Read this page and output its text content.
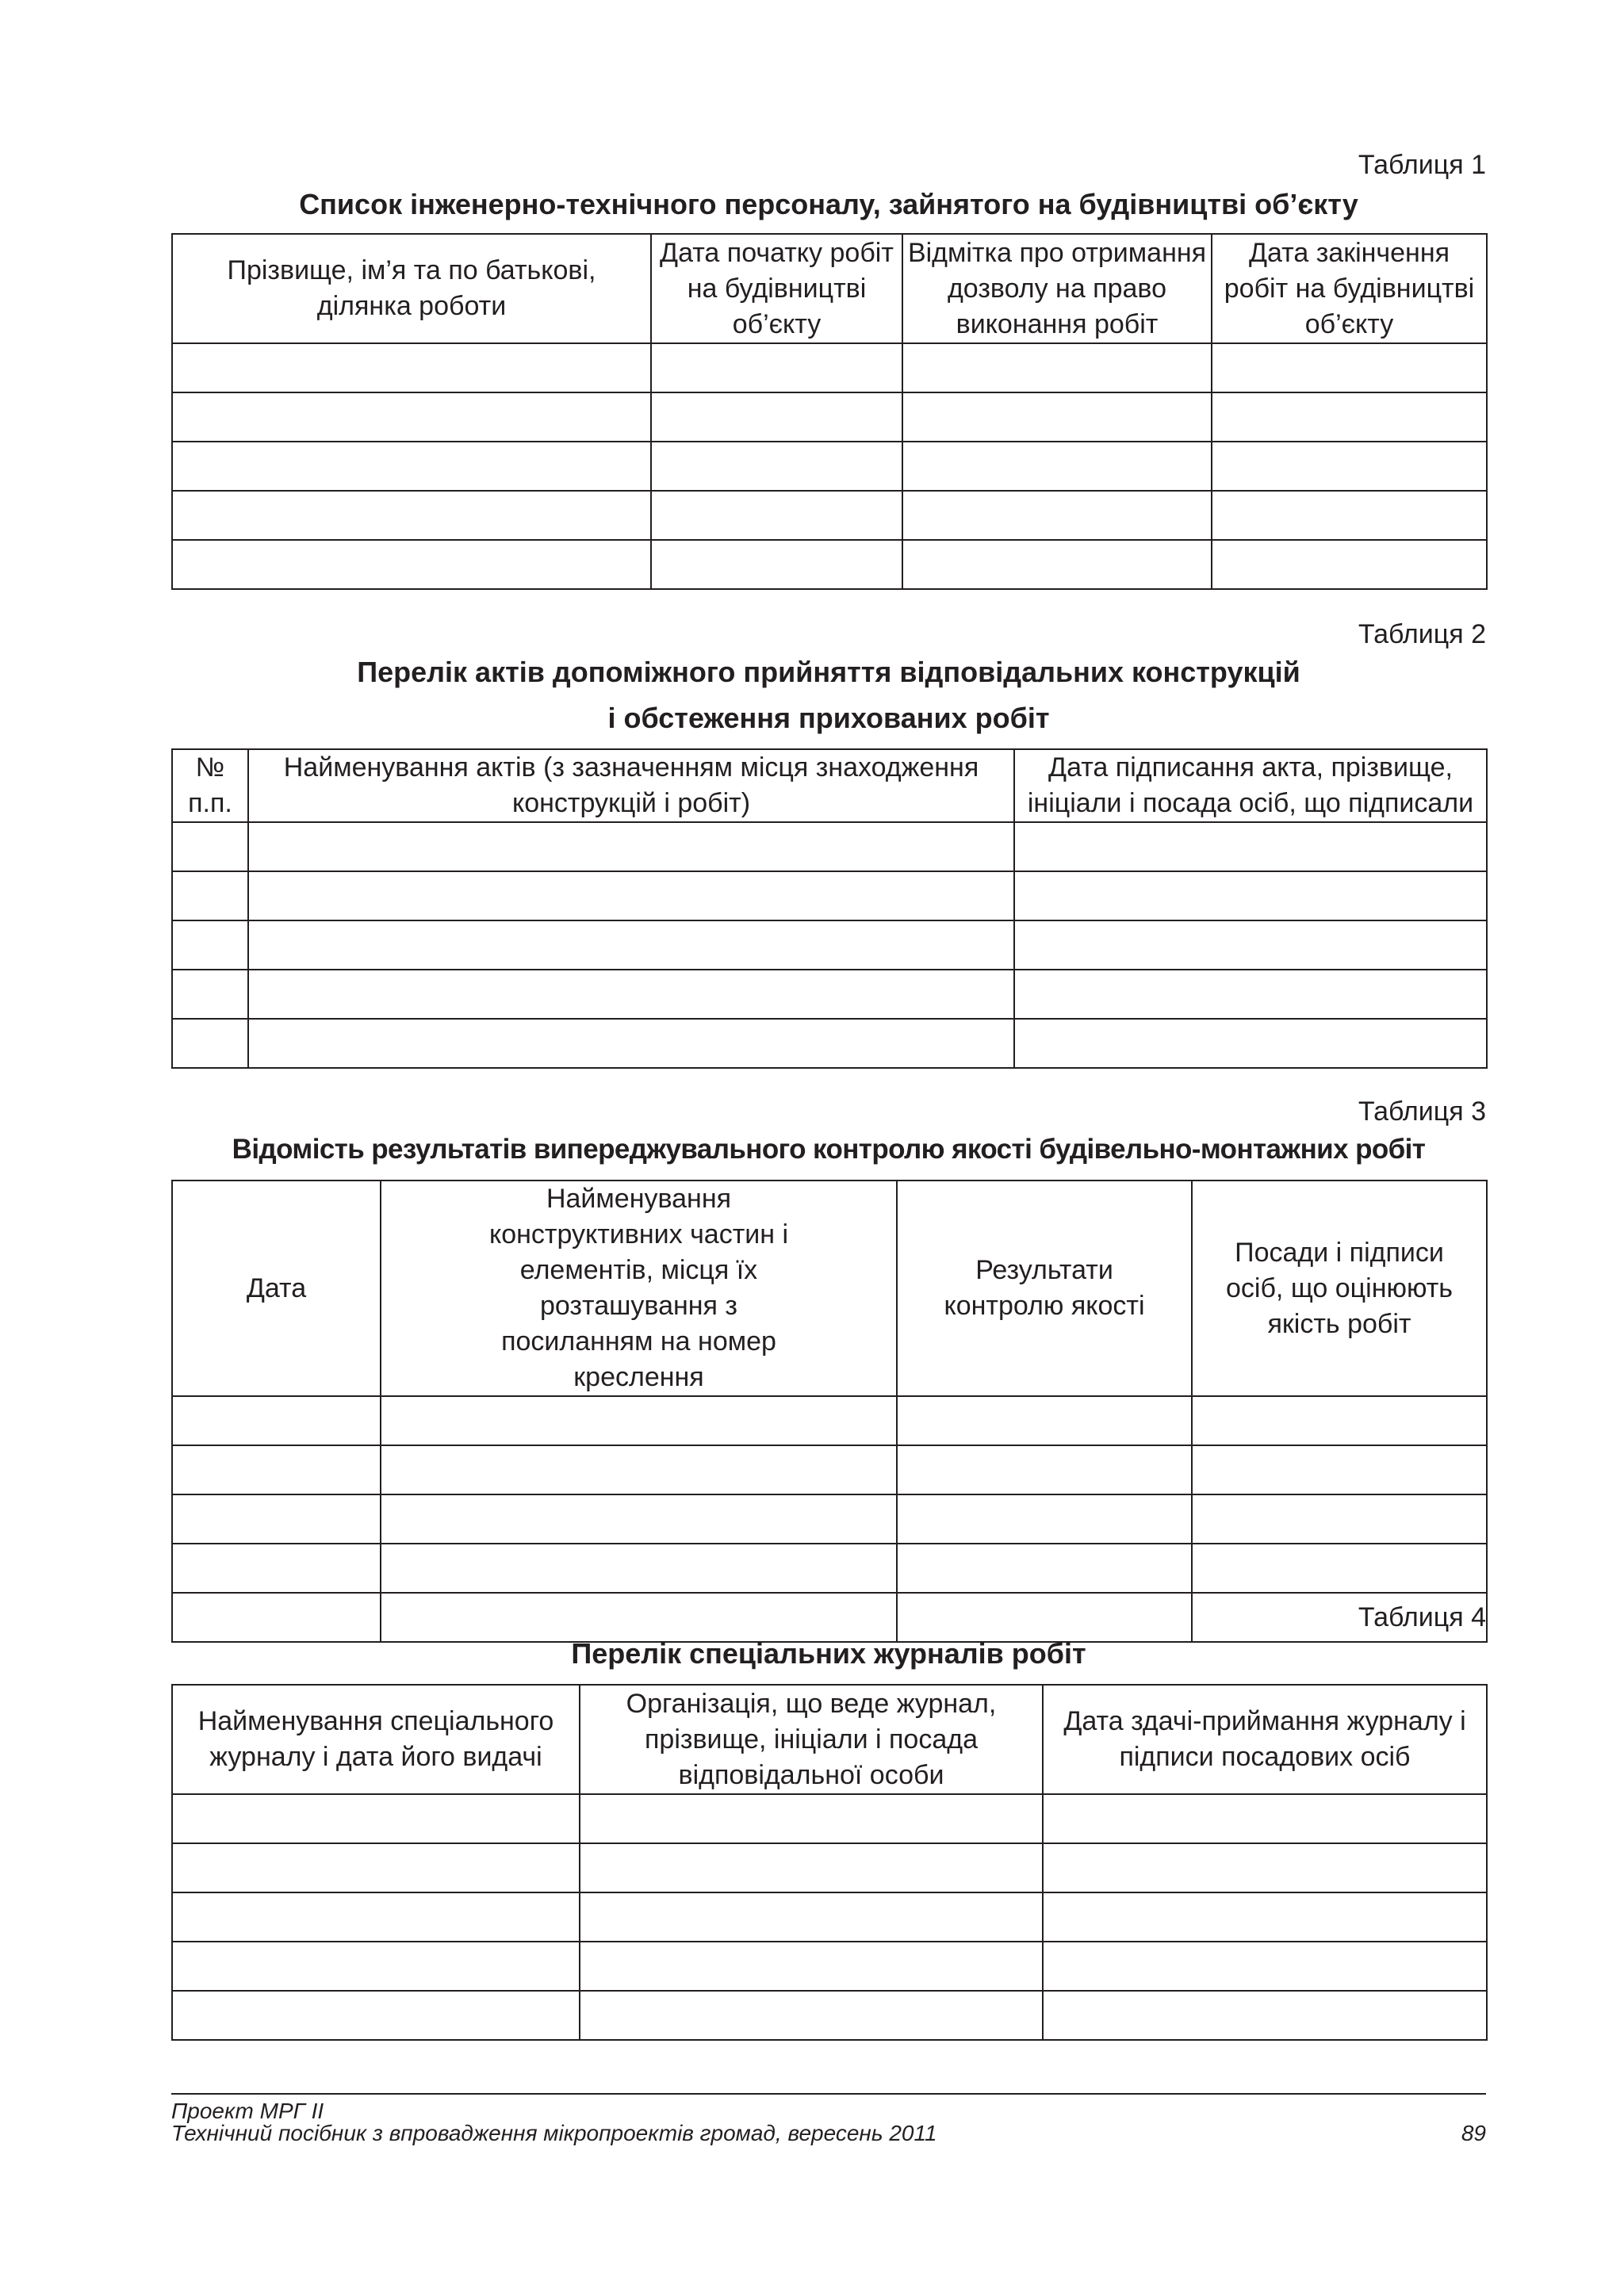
Таблиця 1
Список інженерно-технічного персоналу, зайнятого на будівництві об’єкту
Прізвище, ім’я та по батькові, ділянка роботи	Дата початку робіт на будівництві об’єкту	Відмітка про отримання дозволу на право виконання робіт	Дата закінчення робіт на будівництві об’єкту

Таблиця 2
Перелік актів допоміжного прийняття відповідальних конструкцій
і обстеження прихованих робіт
№ п.п.	Найменування актів (з зазначенням місця знаходження конструкцій і робіт)	Дата підписання акта, прізвище, ініціали і посада осіб, що підписали

Таблиця 3
Відомість результатів випереджувального контролю якості будівельно-монтажних робіт
Дата	Найменування конструктивних частин і елементів, місця їх розташування з посиланням на номер креслення	Результати контролю якості	Посади і підписи осіб, що оцінюють якість робіт

Таблиця 4
Перелік спеціальних журналів робіт
Найменування спеціального журналу і дата його видачі	Організація, що веде журнал, прізвище, ініціали і посада відповідальної особи	Дата здачі-приймання журналу і підписи посадових осіб

Проект МРГ II
Технічний посібник з впровадження мікропроектів громад, вересень 2011	89
